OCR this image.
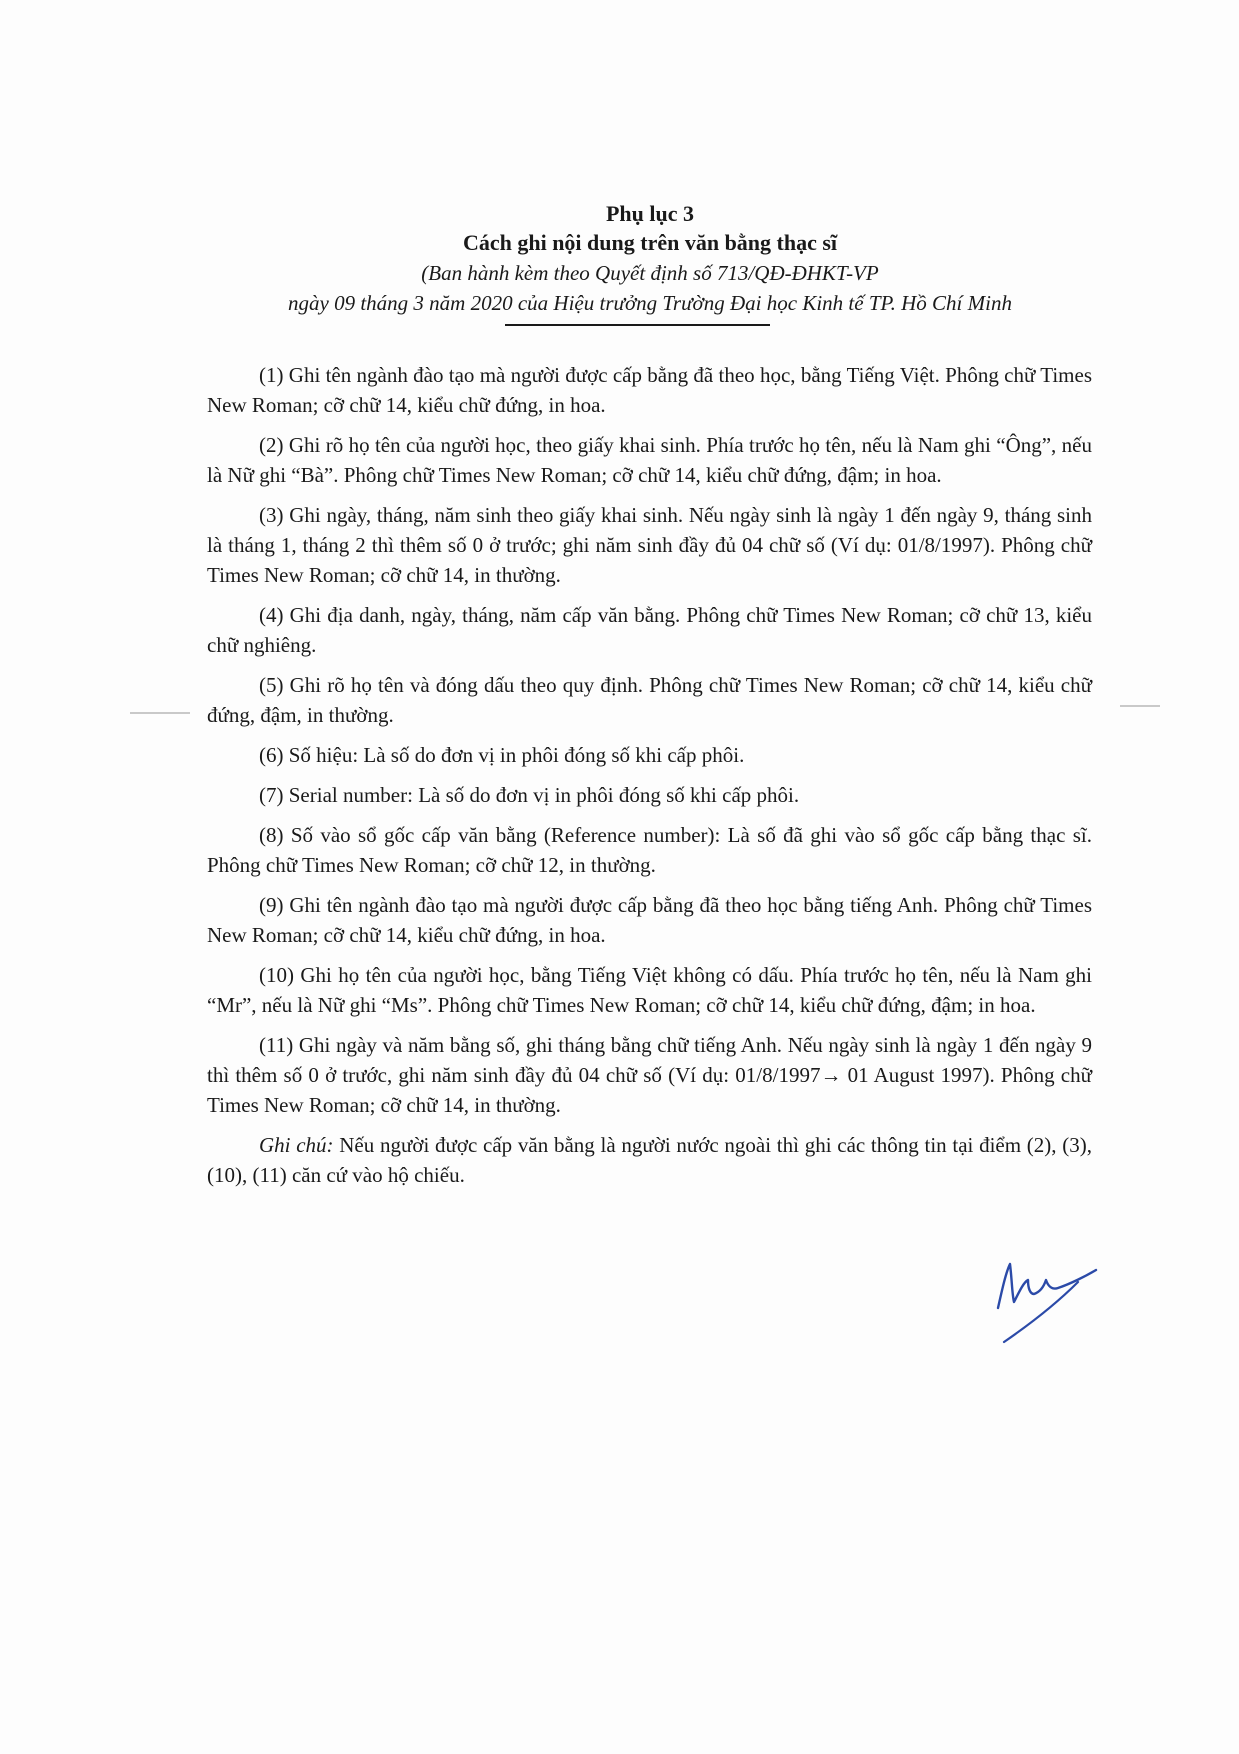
Phụ lục 3
Cách ghi nội dung trên văn bằng thạc sĩ
(Ban hành kèm theo Quyết định số 713/QĐ-ĐHKT-VP
ngày 09 tháng 3 năm 2020 của Hiệu trưởng Trường Đại học Kinh tế TP. Hồ Chí Minh

(1) Ghi tên ngành đào tạo mà người được cấp bằng đã theo học, bằng Tiếng Việt. Phông chữ Times New Roman; cỡ chữ 14, kiểu chữ đứng, in hoa.

(2) Ghi rõ họ tên của người học, theo giấy khai sinh. Phía trước họ tên, nếu là Nam ghi “Ông”, nếu là Nữ ghi “Bà”. Phông chữ Times New Roman; cỡ chữ 14, kiểu chữ đứng, đậm; in hoa.

(3) Ghi ngày, tháng, năm sinh theo giấy khai sinh. Nếu ngày sinh là ngày 1 đến ngày 9, tháng sinh là tháng 1, tháng 2 thì thêm số 0 ở trước; ghi năm sinh đầy đủ 04 chữ số (Ví dụ: 01/8/1997). Phông chữ Times New Roman; cỡ chữ 14, in thường.

(4) Ghi địa danh, ngày, tháng, năm cấp văn bằng. Phông chữ Times New Roman; cỡ chữ 13, kiểu chữ nghiêng.

(5) Ghi rõ họ tên và đóng dấu theo quy định. Phông chữ Times New Roman; cỡ chữ 14, kiểu chữ đứng, đậm, in thường.

(6) Số hiệu: Là số do đơn vị in phôi đóng số khi cấp phôi.

(7) Serial number: Là số do đơn vị in phôi đóng số khi cấp phôi.

(8) Số vào sổ gốc cấp văn bằng (Reference number): Là số đã ghi vào sổ gốc cấp bằng thạc sĩ. Phông chữ Times New Roman; cỡ chữ 12, in thường.

(9) Ghi tên ngành đào tạo mà người được cấp bằng đã theo học bằng tiếng Anh. Phông chữ Times New Roman; cỡ chữ 14, kiểu chữ đứng, in hoa.

(10) Ghi họ tên của người học, bằng Tiếng Việt không có dấu. Phía trước họ tên, nếu là Nam ghi “Mr”, nếu là Nữ ghi “Ms”. Phông chữ Times New Roman; cỡ chữ 14, kiểu chữ đứng, đậm; in hoa.

(11) Ghi ngày và năm bằng số, ghi tháng bằng chữ tiếng Anh. Nếu ngày sinh là ngày 1 đến ngày 9 thì thêm số 0 ở trước, ghi năm sinh đầy đủ 04 chữ số (Ví dụ: 01/8/1997→ 01 August 1997). Phông chữ Times New Roman; cỡ chữ 14, in thường.

Ghi chú: Nếu người được cấp văn bằng là người nước ngoài thì ghi các thông tin tại điểm (2), (3), (10), (11) căn cứ vào hộ chiếu.
